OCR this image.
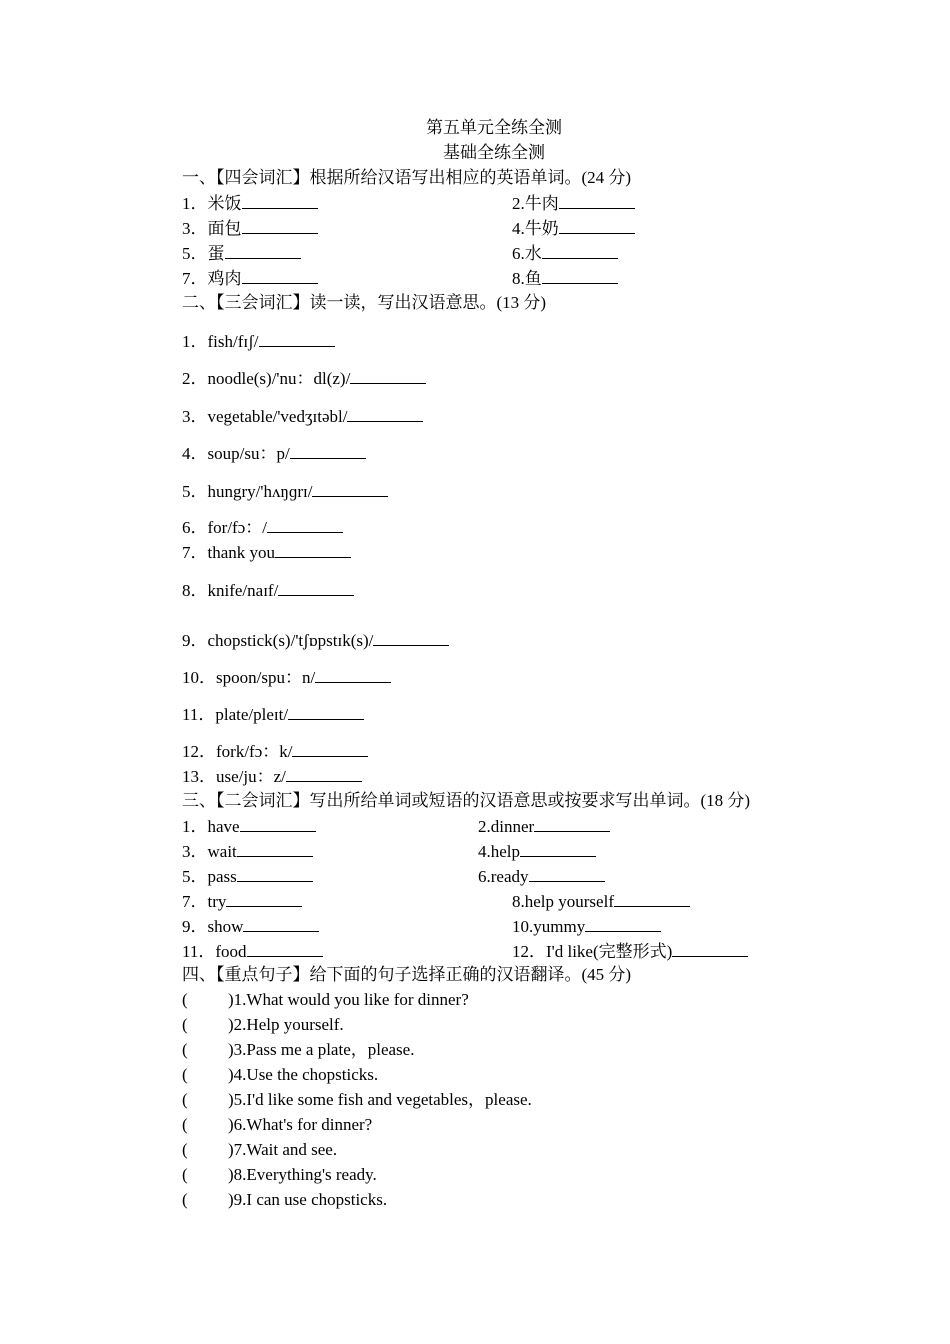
第五单元全练全测
基础全练全测
一、【四会词汇】根据所给汉语写出相应的英语单词。(24 分)
1．米饭	2.牛肉
3．面包	4.牛奶
5．蛋	6.水
7．鸡肉	8.鱼
二、【三会词汇】读一读，写出汉语意思。(13 分)
1．fish/fɪʃ/
2．noodle(s)/'nu：dl(z)/
3．vegetable/'vedʒɪtəbl/
4．soup/su：p/
5．hungry/'hʌŋɡrɪ/
6．for/fɔ：/
7．thank you
8．knife/naɪf/
9．chopstick(s)/'tʃɒpstɪk(s)/
10．spoon/spu：n/
11．plate/pleɪt/
12．fork/fɔ：k/
13．use/ju：z/
三、【二会词汇】写出所给单词或短语的汉语意思或按要求写出单词。(18 分)
1．have	2.dinner
3．wait	4.help
5．pass	6.ready
7．try	8.help yourself
9．show	10.yummy
11．food	12．I'd like(完整形式)
四、【重点句子】给下面的句子选择正确的汉语翻译。(45 分)
( )1.What would you like for dinner?
( )2.Help yourself.
( )3.Pass me a plate，please.
( )4.Use the chopsticks.
( )5.I'd like some fish and vegetables，please.
( )6.What's for dinner?
( )7.Wait and see.
( )8.Everything's ready.
( )9.I can use chopsticks.
